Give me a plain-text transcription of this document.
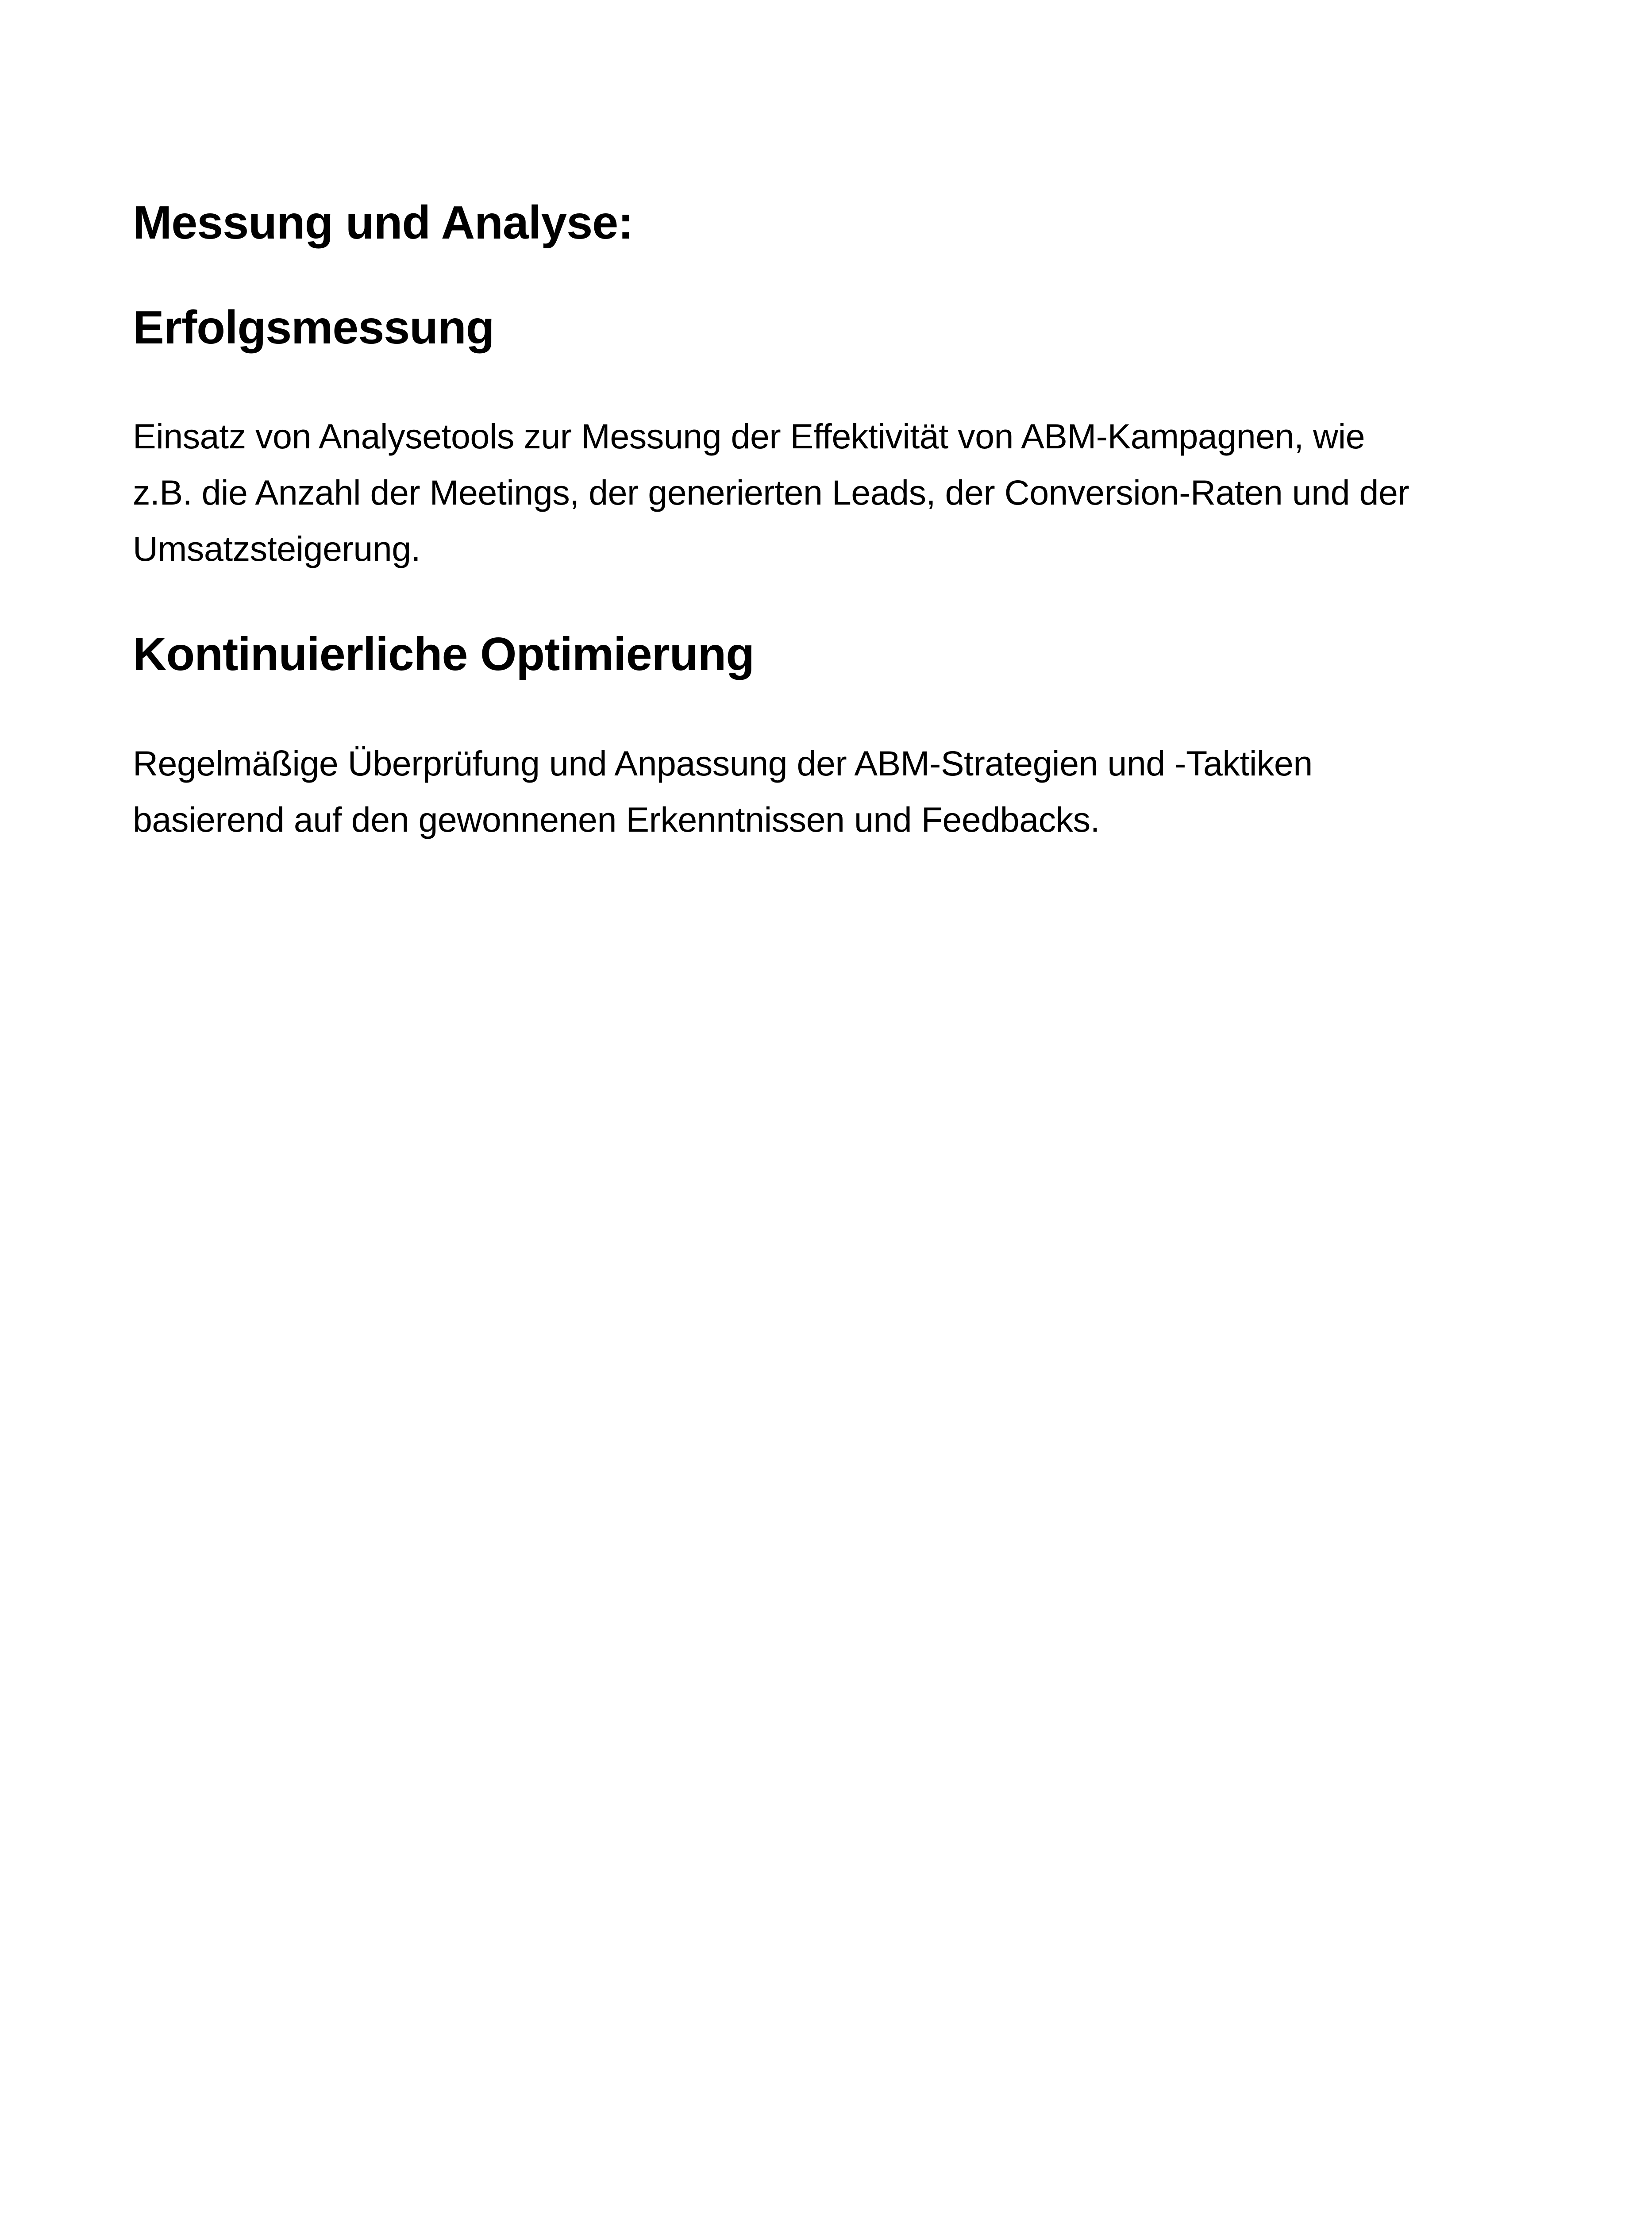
Messung und Analyse:
Erfolgsmessung

Einsatz von Analysetools zur Messung der Effektivität von ABM-Kampagnen, wie
z.B. die Anzahl der Meetings, der generierten Leads, der Conversion-Raten und der
Umsatzsteigerung.

Kontinuierliche Optimierung

Regelmäßige Überprüfung und Anpassung der ABM-Strategien und -Taktiken
basierend auf den gewonnenen Erkenntnissen und Feedbacks.
